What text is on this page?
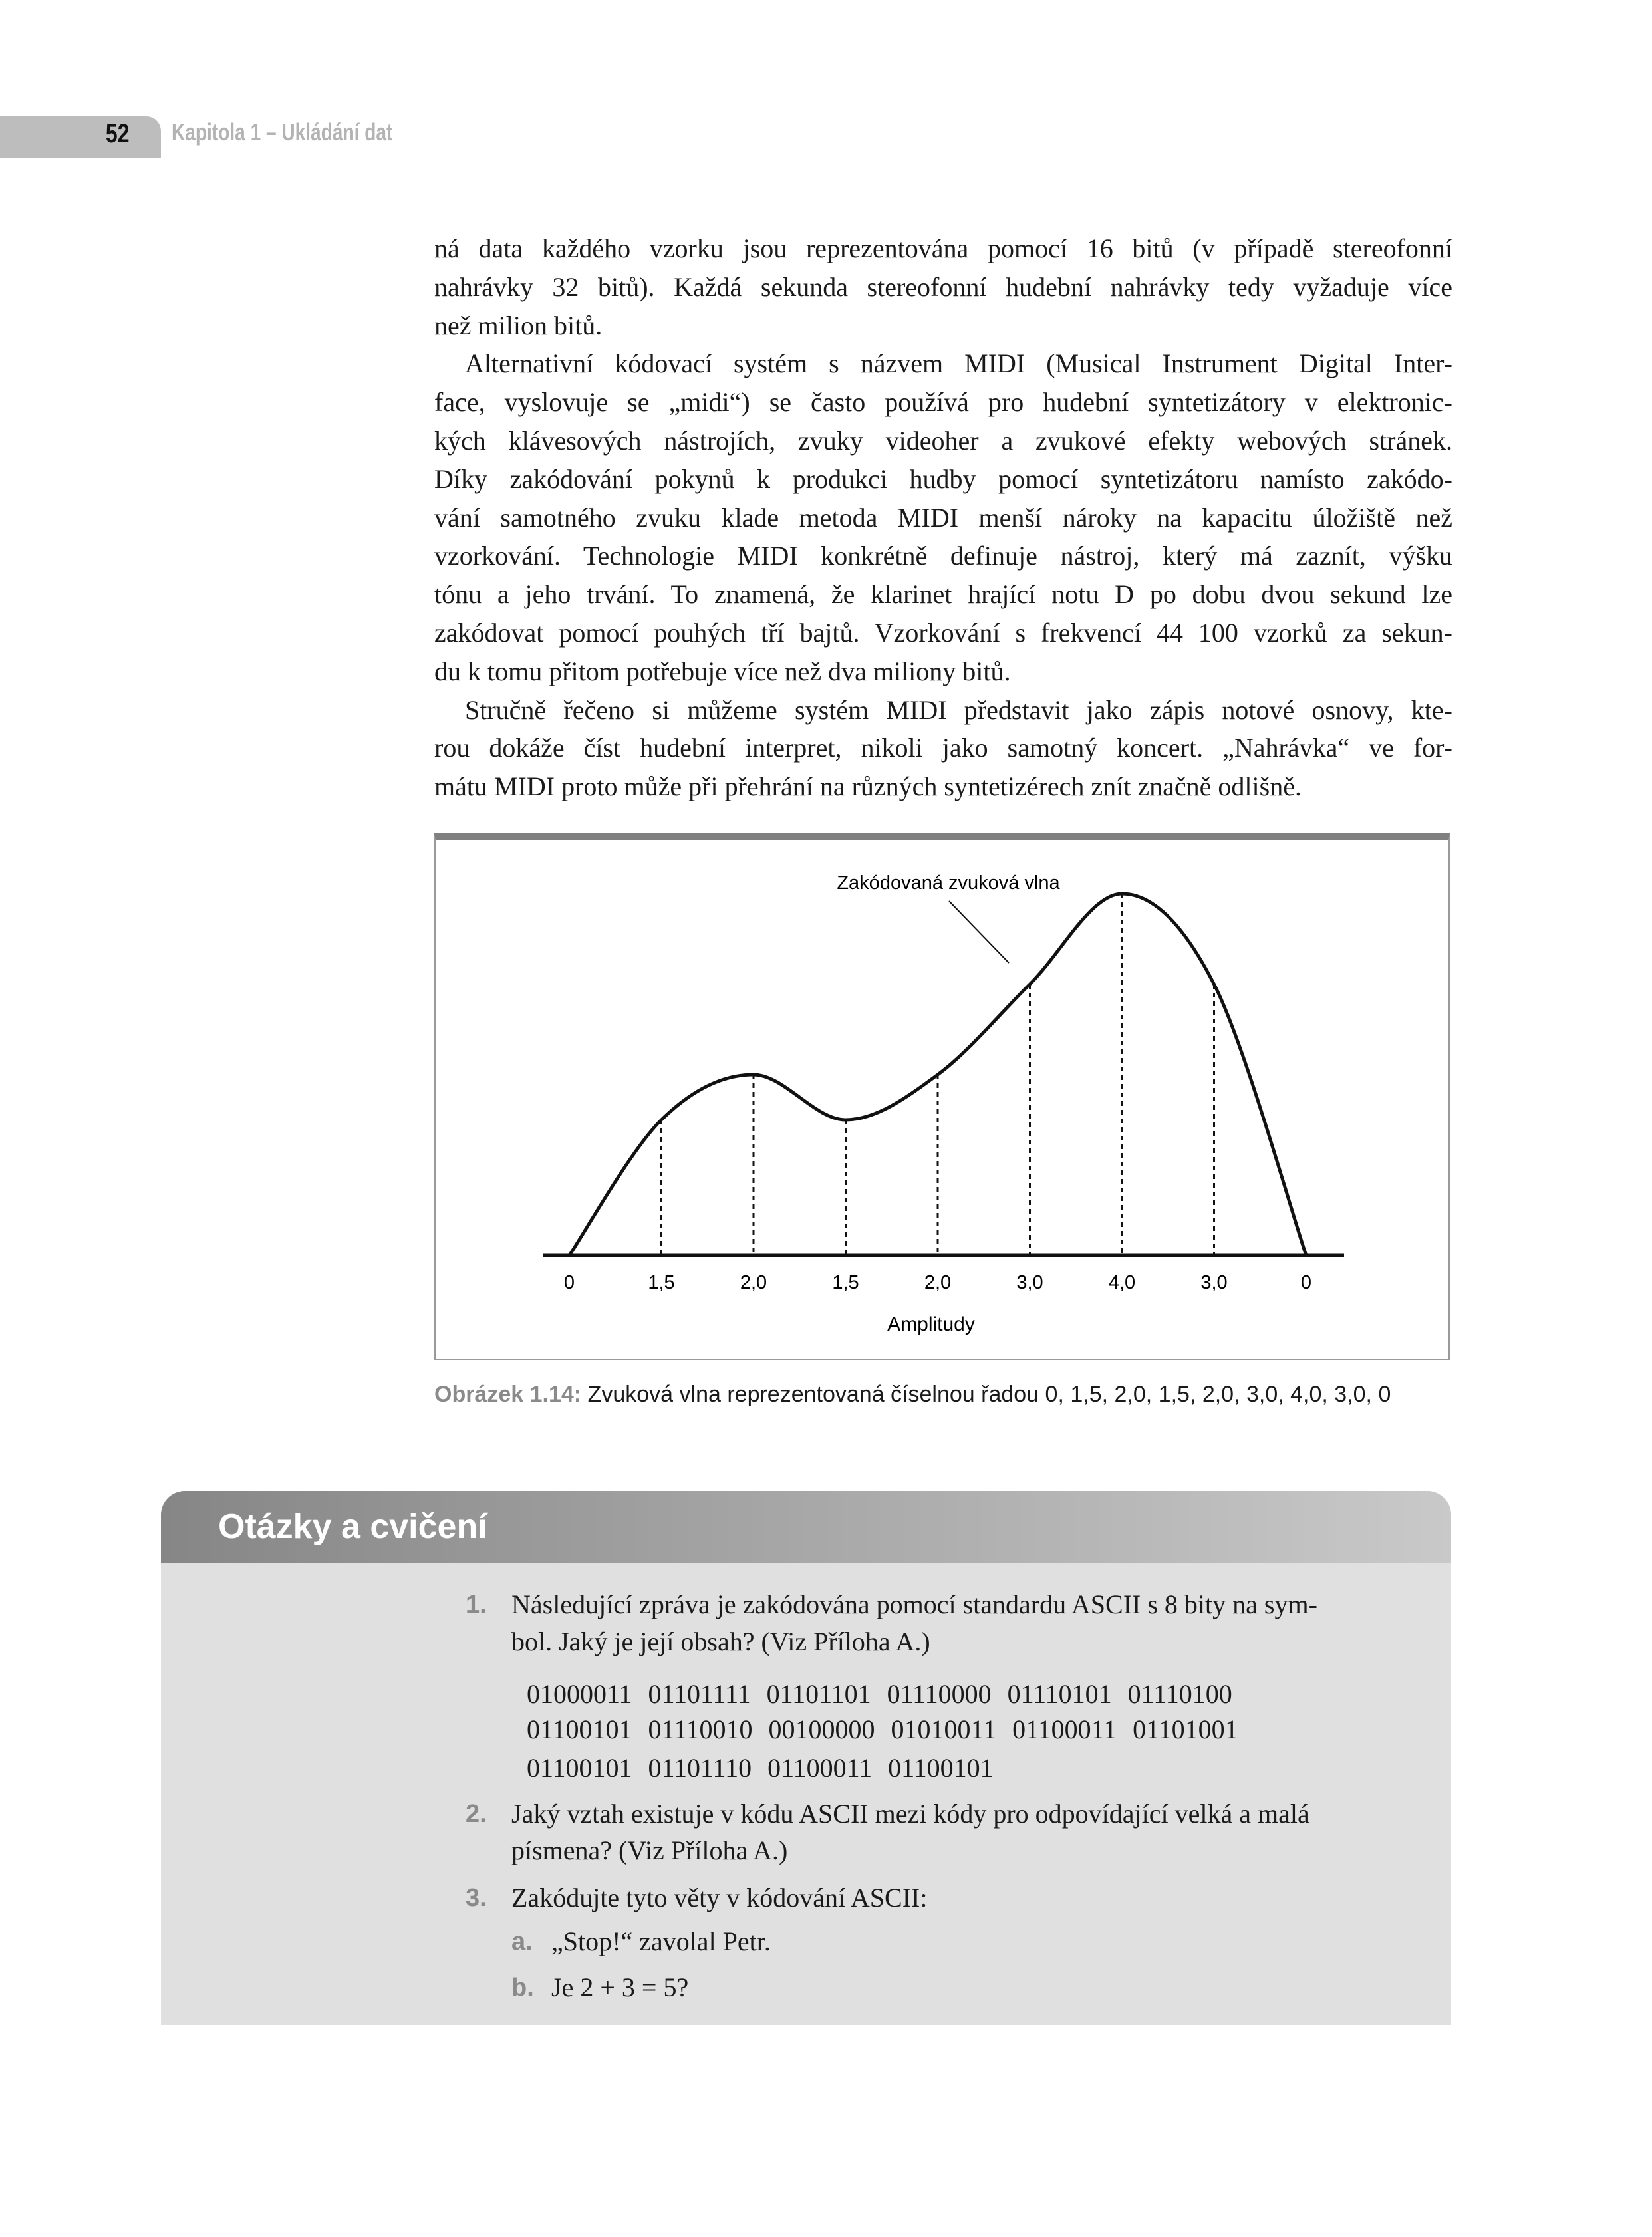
52 Kapitola 1 – Ukládání dat
ná data každého vzorku jsou reprezentována pomocí 16 bitů (v případě stereofonní
nahrávky 32 bitů). Každá sekunda stereofonní hudební nahrávky tedy vyžaduje více
než milion bitů.
Alternativní kódovací systém s názvem MIDI (Musical Instrument Digital Inter-
face, vyslovuje se „midi“) se často používá pro hudební syntetizátory v elektronic-
kých klávesových nástrojích, zvuky videoher a zvukové efekty webových stránek.
Díky zakódování pokynů k produkci hudby pomocí syntetizátoru namísto zakódo-
vání samotného zvuku klade metoda MIDI menší nároky na kapacitu úložiště než
vzorkování. Technologie MIDI konkrétně definuje nástroj, který má zaznít, výšku
tónu a jeho trvání. To znamená, že klarinet hrající notu D po dobu dvou sekund lze
zakódovat pomocí pouhých tří bajtů. Vzorkování s frekvencí 44 100 vzorků za sekun-
du k tomu přitom potřebuje více než dva miliony bitů.
Stručně řečeno si můžeme systém MIDI představit jako zápis notové osnovy, kte-
rou dokáže číst hudební interpret, nikoli jako samotný koncert. „Nahrávka“ ve for-
mátu MIDI proto může při přehrání na různých syntetizérech znít značně odlišně.
0	1,5	2,0	1,5	2,0	3,0	4,0	3,0	0
Zakódovaná zvuková vlna
Amplitudy
Obrázek 1.14: Zvuková vlna reprezentovaná číselnou řadou 0, 1,5, 2,0, 1,5, 2,0, 3,0, 4,0, 3,0, 0
Otázky a cvičení
1. Následující zpráva je zakódována pomocí standardu ASCII s 8 bity na sym-
bol. Jaký je její obsah? (Viz Příloha A.)
01000011 01101111 01101101 01110000 01110101 01110100
01100101 01110010 00100000 01010011 01100011 01101001
01100101 01101110 01100011 01100101
2. Jaký vztah existuje v kódu ASCII mezi kódy pro odpovídající velká a malá
písmena? (Viz Příloha A.)
3. Zakódujte tyto věty v kódování ASCII:
a. „Stop!“ zavolal Petr.
b. Je 2 + 3 = 5?
